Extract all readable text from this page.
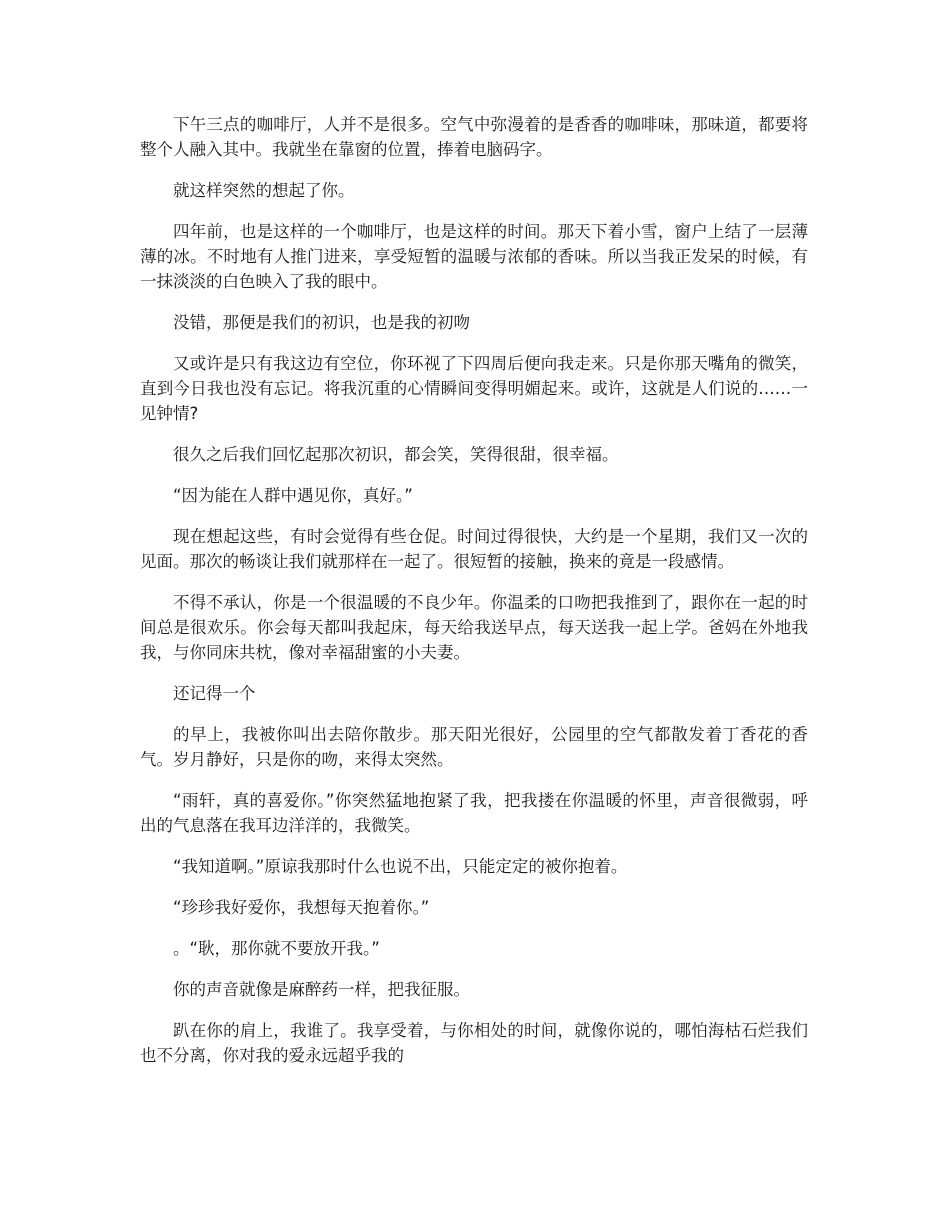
下午三点的咖啡厅，人并不是很多。空气中弥漫着的是香香的咖啡味，那味道，都要将整个人融入其中。我就坐在靠窗的位置，捧着电脑码字。

就这样突然的想起了你。

四年前，也是这样的一个咖啡厅，也是这样的时间。那天下着小雪，窗户上结了一层薄薄的冰。不时地有人推门进来，享受短暂的温暖与浓郁的香味。所以当我正发呆的时候，有一抹淡淡的白色映入了我的眼中。

没错，那便是我们的初识，也是我的初吻

又或许是只有我这边有空位，你环视了下四周后便向我走来。只是你那天嘴角的微笑，直到今日我也没有忘记。将我沉重的心情瞬间变得明媚起来。或许，这就是人们说的……一见钟情?

很久之后我们回忆起那次初识，都会笑，笑得很甜，很幸福。

“因为能在人群中遇见你，真好。”

现在想起这些，有时会觉得有些仓促。时间过得很快，大约是一个星期，我们又一次的见面。那次的畅谈让我们就那样在一起了。很短暂的接触，换来的竟是一段感情。

不得不承认，你是一个很温暖的不良少年。你温柔的口吻把我推到了，跟你在一起的时间总是很欢乐。你会每天都叫我起床，每天给我送早点，每天送我一起上学。爸妈在外地我我，与你同床共枕，像对幸福甜蜜的小夫妻。

还记得一个

的早上，我被你叫出去陪你散步。那天阳光很好，公园里的空气都散发着丁香花的香气。岁月静好，只是你的吻，来得太突然。

“雨轩，真的喜爱你。”你突然猛地抱紧了我，把我搂在你温暖的怀里，声音很微弱，呼出的气息落在我耳边洋洋的，我微笑。

“我知道啊。”原谅我那时什么也说不出，只能定定的被你抱着。

“珍珍我好爱你，我想每天抱着你。”

。“耿，那你就不要放开我。”

你的声音就像是麻醉药一样，把我征服。

趴在你的肩上，我谁了。我享受着，与你相处的时间，就像你说的，哪怕海枯石烂我们也不分离，你对我的爱永远超乎我的
